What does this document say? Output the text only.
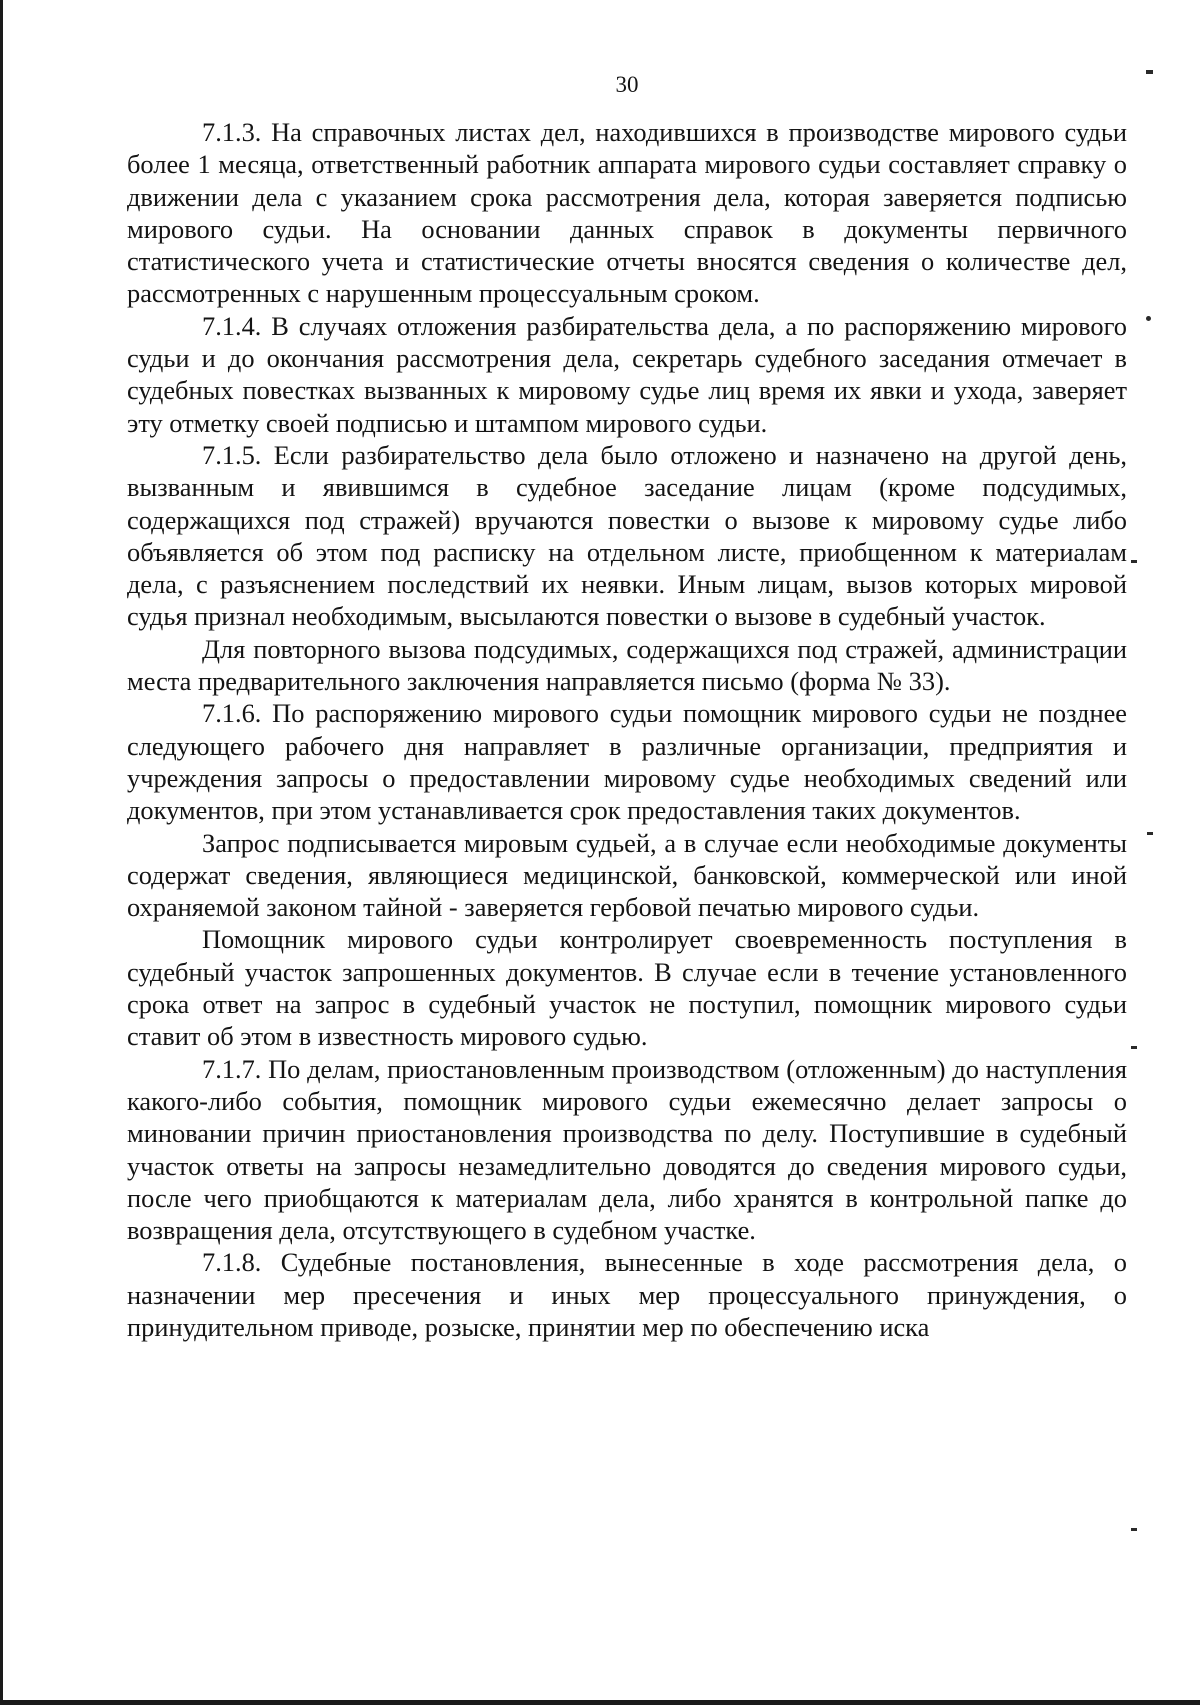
30

7.1.3. На справочных листах дел, находившихся в производстве мирового судьи более 1 месяца, ответственный работник аппарата мирового судьи составляет справку о движении дела с указанием срока рассмотрения дела, которая заверяется подписью мирового судьи. На основании данных справок в документы первичного статистического учета и статистические отчеты вносятся сведения о количестве дел, рассмотренных с нарушенным процессуальным сроком.

7.1.4. В случаях отложения разбирательства дела, а по распоряжению мирового судьи и до окончания рассмотрения дела, секретарь судебного заседания отмечает в судебных повестках вызванных к мировому судье лиц время их явки и ухода, заверяет эту отметку своей подписью и штампом мирового судьи.

7.1.5. Если разбирательство дела было отложено и назначено на другой день, вызванным и явившимся в судебное заседание лицам (кроме подсудимых, содержащихся под стражей) вручаются повестки о вызове к мировому судье либо объявляется об этом под расписку на отдельном листе, приобщенном к материалам дела, с разъяснением последствий их неявки. Иным лицам, вызов которых мировой судья признал необходимым, высылаются повестки о вызове в судебный участок.

Для повторного вызова подсудимых, содержащихся под стражей, администрации места предварительного заключения направляется письмо (форма № 33).

7.1.6. По распоряжению мирового судьи помощник мирового судьи не позднее следующего рабочего дня направляет в различные организации, предприятия и учреждения запросы о предоставлении мировому судье необходимых сведений или документов, при этом устанавливается срок предоставления таких документов.

Запрос подписывается мировым судьей, а в случае если необходимые документы содержат сведения, являющиеся медицинской, банковской, коммерческой или иной охраняемой законом тайной - заверяется гербовой печатью мирового судьи.

Помощник мирового судьи контролирует своевременность поступления в судебный участок запрошенных документов. В случае если в течение установленного срока ответ на запрос в судебный участок не поступил, помощник мирового судьи ставит об этом в известность мирового судью.

7.1.7. По делам, приостановленным производством (отложенным) до наступления какого-либо события, помощник мирового судьи ежемесячно делает запросы о миновании причин приостановления производства по делу. Поступившие в судебный участок ответы на запросы незамедлительно доводятся до сведения мирового судьи, после чего приобщаются к материалам дела, либо хранятся в контрольной папке до возвращения дела, отсутствующего в судебном участке.

7.1.8. Судебные постановления, вынесенные в ходе рассмотрения дела, о назначении мер пресечения и иных мер процессуального принуждения, о принудительном приводе, розыске, принятии мер по обеспечению иска
